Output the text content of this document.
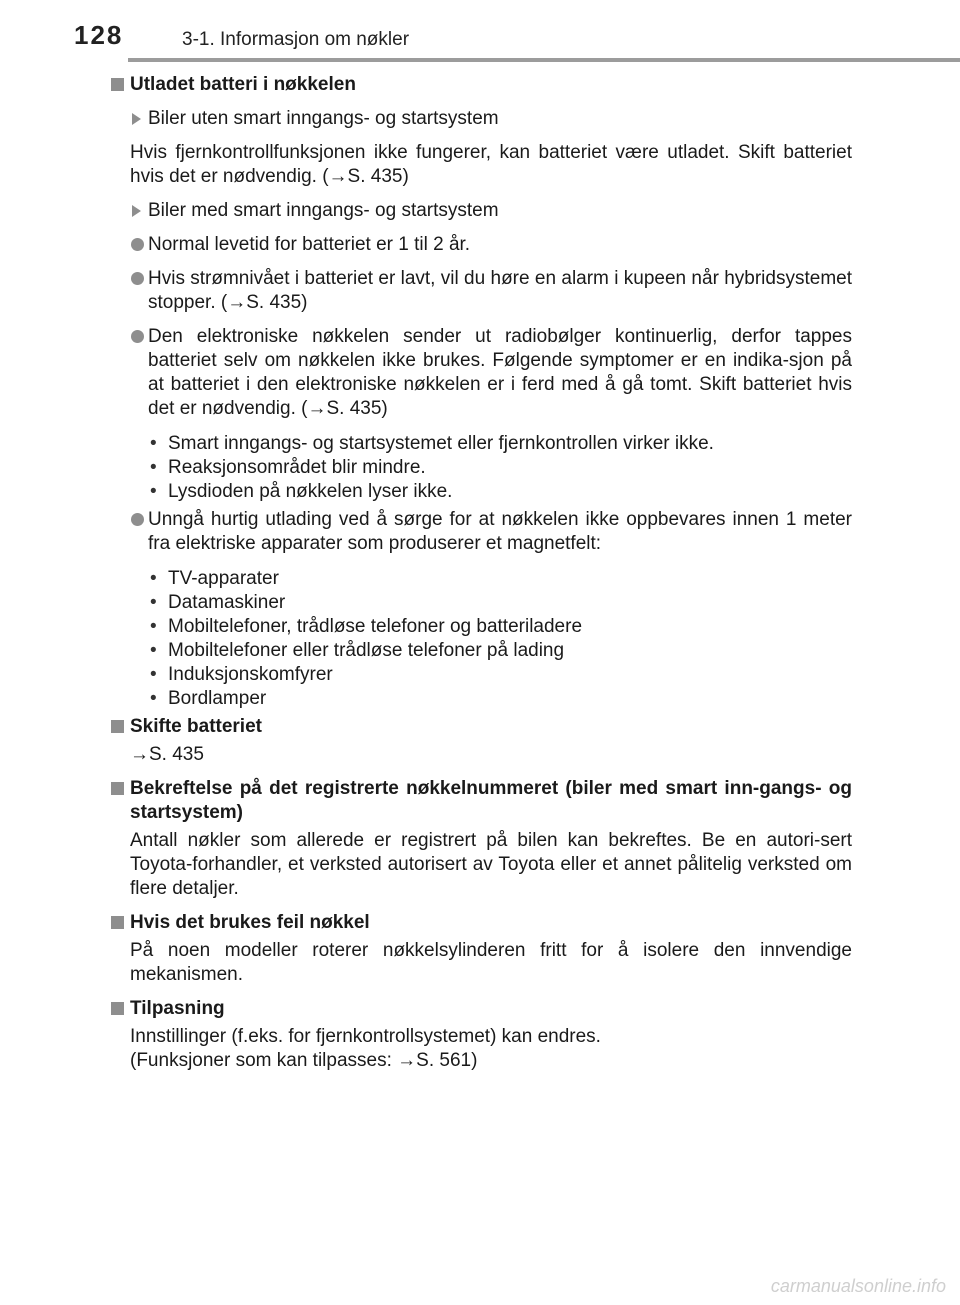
128	3-1. Informasjon om nøkler
Utladet batteri i nøkkelen
Biler uten smart inngangs- og startsystem
Hvis fjernkontrollfunksjonen ikke fungerer, kan batteriet være utladet. Skift batteriet hvis det er nødvendig. (→S. 435)
Biler med smart inngangs- og startsystem
Normal levetid for batteriet er 1 til 2 år.
Hvis strømnivået i batteriet er lavt, vil du høre en alarm i kupeen når hybridsystemet stopper. (→S. 435)
Den elektroniske nøkkelen sender ut radiobølger kontinuerlig, derfor tappes batteriet selv om nøkkelen ikke brukes. Følgende symptomer er en indika-sjon på at batteriet i den elektroniske nøkkelen er i ferd med å gå tomt. Skift batteriet hvis det er nødvendig. (→S. 435)
• Smart inngangs- og startsystemet eller fjernkontrollen virker ikke.
• Reaksjonsområdet blir mindre.
• Lysdioden på nøkkelen lyser ikke.
Unngå hurtig utlading ved å sørge for at nøkkelen ikke oppbevares innen 1 meter fra elektriske apparater som produserer et magnetfelt:
• TV-apparater
• Datamaskiner
• Mobiltelefoner, trådløse telefoner og batteriladere
• Mobiltelefoner eller trådløse telefoner på lading
• Induksjonskomfyrer
• Bordlamper
Skifte batteriet
→S. 435
Bekreftelse på det registrerte nøkkelnummeret (biler med smart inn-gangs- og startsystem)
Antall nøkler som allerede er registrert på bilen kan bekreftes. Be en autori-sert Toyota-forhandler, et verksted autorisert av Toyota eller et annet pålitelig verksted om flere detaljer.
Hvis det brukes feil nøkkel
På noen modeller roterer nøkkelsylinderen fritt for å isolere den innvendige mekanismen.
Tilpasning
Innstillinger (f.eks. for fjernkontrollsystemet) kan endres.
(Funksjoner som kan tilpasses: →S. 561)
carmanualsonline.info
